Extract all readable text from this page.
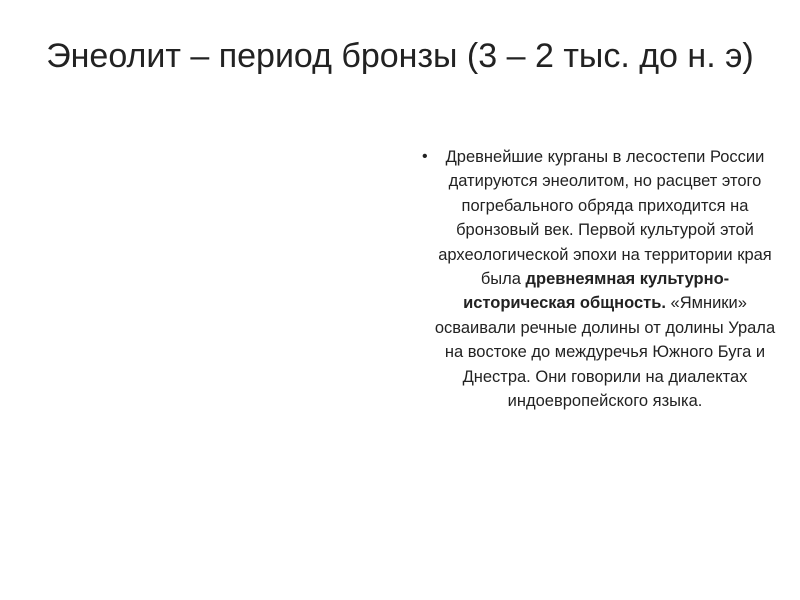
Энеолит – период бронзы (3 – 2 тыс. до н. э)
• Древнейшие курганы в лесостепи России датируются энеолитом, но расцвет этого погребального обряда приходится на бронзовый век. Первой культурой этой археологической эпохи на территории края была древнеямная культурно-историческая общность. «Ямники» осваивали речные долины от долины Урала на востоке до междуречья Южного Буга и Днестра. Они говорили на диалектах индоевропейского языка.
